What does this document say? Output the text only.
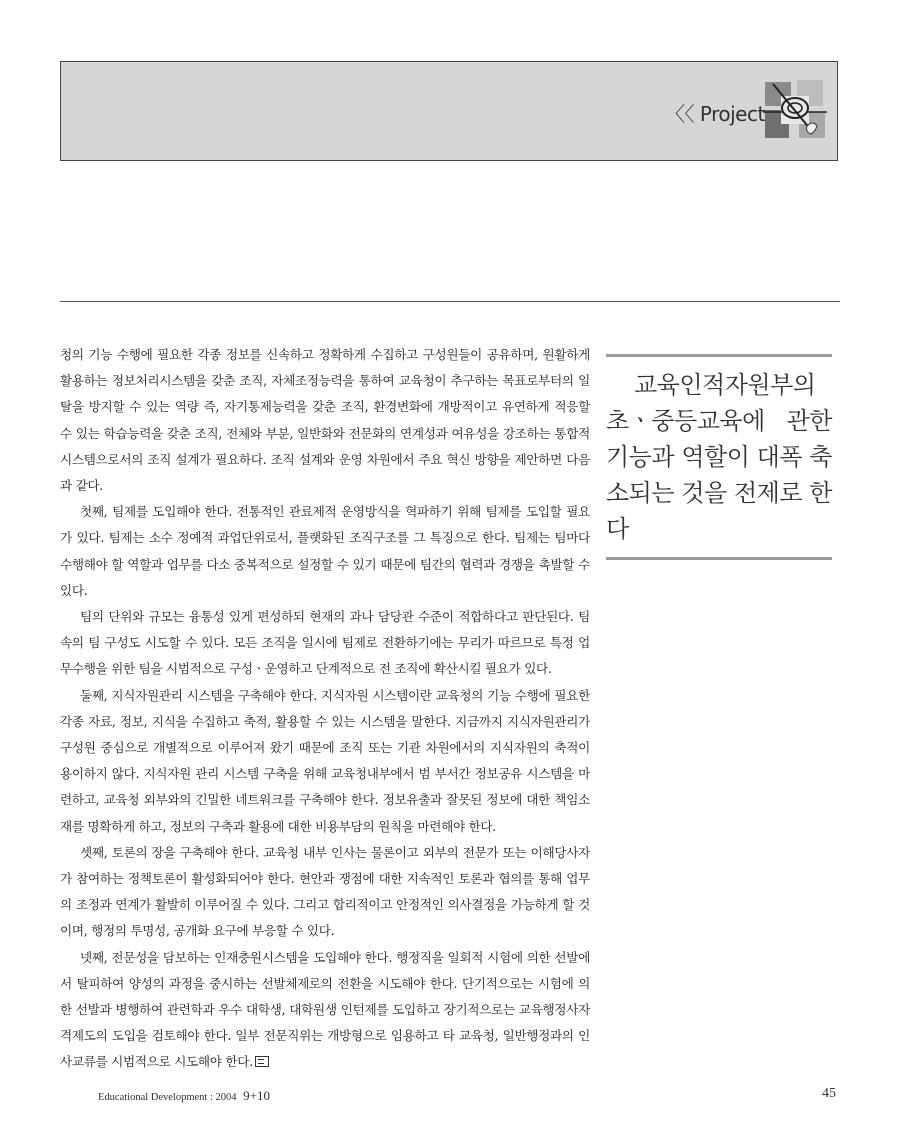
〈〈 Project

청의 기능 수행에 필요한 각종 정보를 신속하고 정확하게 수집하고 구성원들이 공유하며, 원활하게 활용하는 정보처리시스템을 갖춘 조직, 자체조정능력을 통하여 교육청이 추구하는 목표로부터의 일탈을 방지할 수 있는 역량 즉, 자기통제능력을 갖춘 조직, 환경변화에 개방적이고 유연하게 적응할 수 있는 학습능력을 갖춘 조직, 전체와 부분, 일반화와 전문화의 연계성과 여유성을 강조하는 통합적 시스템으로서의 조직 설계가 필요하다. 조직 설계와 운영 차원에서 주요 혁신 방향을 제안하면 다음과 같다.

첫째, 팀제를 도입해야 한다. 전통적인 관료제적 운영방식을 혁파하기 위해 팀제를 도입할 필요가 있다. 팀제는 소수 정예적 과업단위로서, 플랫화된 조직구조를 그 특징으로 한다. 팀제는 팀마다 수행해야 할 역할과 업무를 다소 중복적으로 설정할 수 있기 때문에 팀간의 협력과 경쟁을 촉발할 수 있다.

팀의 단위와 규모는 융통성 있게 편성하되 현재의 과나 담당관 수준이 적합하다고 판단된다. 팀 속의 팀 구성도 시도할 수 있다. 모든 조직을 일시에 팀제로 전환하기에는 무리가 따르므로 특정 업무수행을 위한 팀을 시범적으로 구성ㆍ운영하고 단계적으로 전 조직에 확산시킬 필요가 있다.

둘째, 지식자원관리 시스템을 구축해야 한다. 지식자원 시스템이란 교육청의 기능 수행에 필요한 각종 자료, 정보, 지식을 수집하고 축적, 활용할 수 있는 시스템을 말한다. 지금까지 지식자원관리가 구성원 중심으로 개별적으로 이루어져 왔기 때문에 조직 또는 기관 차원에서의 지식자원의 축적이 용이하지 않다. 지식자원 관리 시스템 구축을 위해 교육청내부에서 범 부서간 정보공유 시스템을 마련하고, 교육청 외부와의 긴밀한 네트워크를 구축해야 한다. 정보유출과 잘못된 정보에 대한 책임소재를 명확하게 하고, 정보의 구축과 활용에 대한 비용부담의 원칙을 마련해야 한다.

셋째, 토론의 장을 구축해야 한다. 교육청 내부 인사는 물론이고 외부의 전문가 또는 이해당사자가 참여하는 정책토론이 활성화되어야 한다. 현안과 쟁점에 대한 지속적인 토론과 협의를 통해 업무의 조정과 연계가 활발히 이루어질 수 있다. 그리고 합리적이고 안정적인 의사결정을 가능하게 할 것이며, 행정의 투명성, 공개화 요구에 부응할 수 있다.

넷째, 전문성을 담보하는 인재충원시스템을 도입해야 한다. 행정직을 일회적 시험에 의한 선발에서 탈피하여 양성의 과정을 중시하는 선발체제로의 전환을 시도해야 한다. 단기적으로는 시험에 의한 선발과 병행하여 관련학과 우수 대학생, 대학원생 인턴제를 도입하고 장기적으로는 교육행정사자격제도의 도입을 검토해야 한다. 일부 전문직위는 개방형으로 임용하고 타 교육청, 일반행정과의 인사교류를 시범적으로 시도해야 한다.

교육인적자원부의 초ㆍ중등교육에 관한 기능과 역할이 대폭 축소되는 것을 전제로 한다
Educational Development : 2004 9+10	45
